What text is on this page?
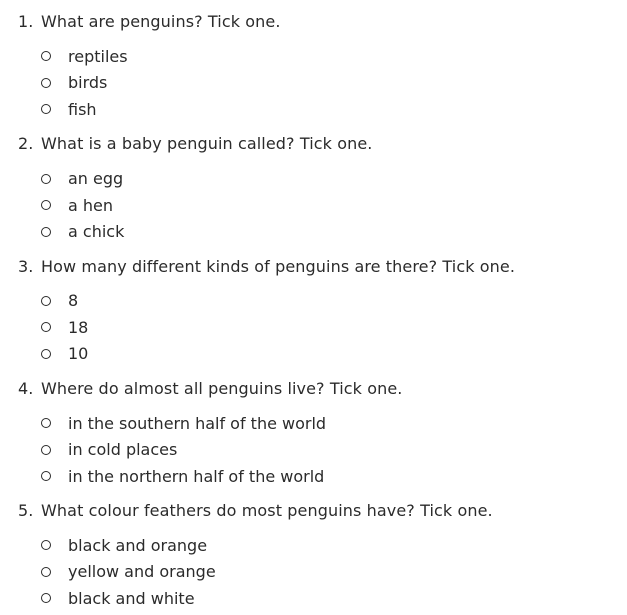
1. What are penguins? Tick one.
reptiles
birds
fish
2. What is a baby penguin called? Tick one.
an egg
a hen
a chick
3. How many different kinds of penguins are there? Tick one.
8
18
10
4. Where do almost all penguins live? Tick one.
in the southern half of the world
in cold places
in the northern half of the world
5. What colour feathers do most penguins have? Tick one.
black and orange
yellow and orange
black and white
